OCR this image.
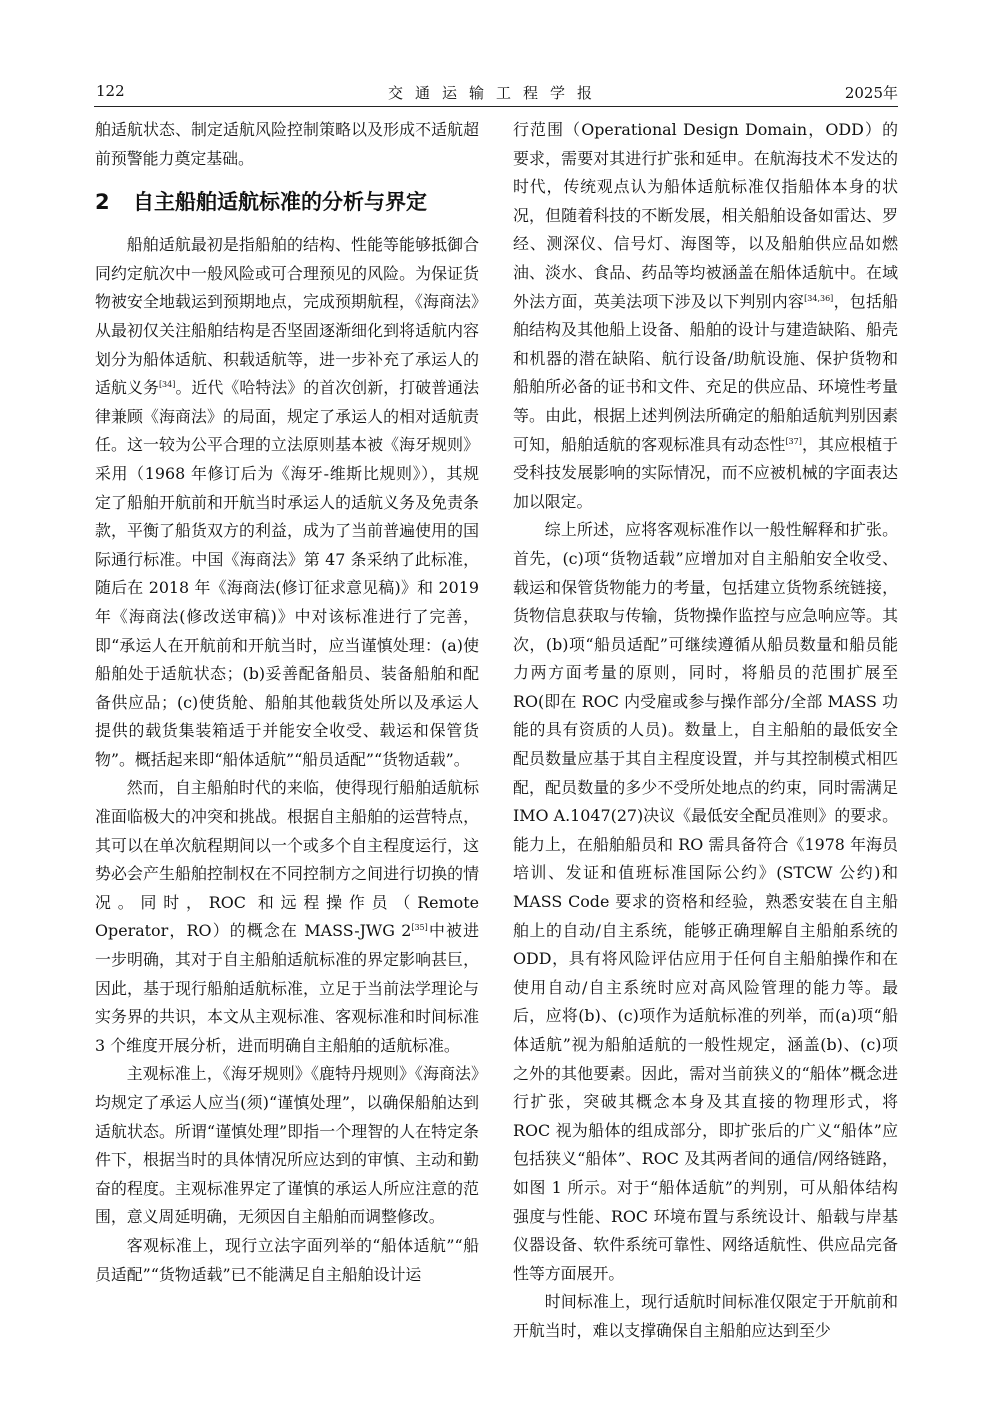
122	交通运输工程学报	2025年

舶适航状态、制定适航风险控制策略以及形成不适航超前预警能力奠定基础。

2 自主船舶适航标准的分析与界定

船舶适航最初是指船舶的结构、性能等能够抵御合同约定航次中一般风险或可合理预见的风险。为保证货物被安全地载运到预期地点，完成预期航程，《海商法》从最初仅关注船舶结构是否坚固逐渐细化到将适航内容划分为船体适航、积载适航等，进一步补充了承运人的适航义务[34]。近代《哈特法》的首次创新，打破普通法律兼顾《海商法》的局面，规定了承运人的相对适航责任。这一较为公平合理的立法原则基本被《海牙规则》采用（1968 年修订后为《海牙-维斯比规则》），其规定了船舶开航前和开航当时承运人的适航义务及免责条款，平衡了船货双方的利益，成为了当前普遍使用的国际通行标准。中国《海商法》第 47 条采纳了此标准，随后在 2018 年《海商法(修订征求意见稿)》和 2019 年《海商法(修改送审稿)》中对该标准进行了完善，即“承运人在开航前和开航当时，应当谨慎处理：(a)使船舶处于适航状态；(b)妥善配备船员、装备船舶和配备供应品；(c)使货舱、船舶其他载货处所以及承运人提供的载货集装箱适于并能安全收受、载运和保管货物”。概括起来即“船体适航”“船员适配”“货物适载”。

然而，自主船舶时代的来临，使得现行船舶适航标准面临极大的冲突和挑战。根据自主船舶的运营特点，其可以在单次航程期间以一个或多个自主程度运行，这势必会产生船舶控制权在不同控制方之间进行切换的情况。同时，ROC 和远程操作员（Remote Operator，RO）的概念在 MASS-JWG 2[35]中被进一步明确，其对于自主船舶适航标准的界定影响甚巨，因此，基于现行船舶适航标准，立足于当前法学理论与实务界的共识，本文从主观标准、客观标准和时间标准 3 个维度开展分析，进而明确自主船舶的适航标准。

主观标准上，《海牙规则》《鹿特丹规则》《海商法》均规定了承运人应当(须)“谨慎处理”，以确保船舶达到适航状态。所谓“谨慎处理”即指一个理智的人在特定条件下，根据当时的具体情况所应达到的审慎、主动和勤奋的程度。主观标准界定了谨慎的承运人所应注意的范围，意义周延明确，无须因自主船舶而调整修改。

客观标准上，现行立法字面列举的“船体适航”“船员适配”“货物适载”已不能满足自主船舶设计运

行范围（Operational Design Domain，ODD）的要求，需要对其进行扩张和延申。在航海技术不发达的时代，传统观点认为船体适航标准仅指船体本身的状况，但随着科技的不断发展，相关船舶设备如雷达、罗经、测深仪、信号灯、海图等，以及船舶供应品如燃油、淡水、食品、药品等均被涵盖在船体适航中。在域外法方面，英美法项下涉及以下判别内容[34,36]，包括船舶结构及其他船上设备、船舶的设计与建造缺陷、船壳和机器的潜在缺陷、航行设备/助航设施、保护货物和船舶所必备的证书和文件、充足的供应品、环境性考量等。由此，根据上述判例法所确定的船舶适航判别因素可知，船舶适航的客观标准具有动态性[37]，其应根植于受科技发展影响的实际情况，而不应被机械的字面表达加以限定。

综上所述，应将客观标准作以一般性解释和扩张。首先，(c)项“货物适载”应增加对自主船舶安全收受、载运和保管货物能力的考量，包括建立货物系统链接，货物信息获取与传输，货物操作监控与应急响应等。其次，(b)项“船员适配”可继续遵循从船员数量和船员能力两方面考量的原则，同时，将船员的范围扩展至 RO(即在 ROC 内受雇或参与操作部分/全部 MASS 功能的具有资质的人员)。数量上，自主船舶的最低安全配员数量应基于其自主程度设置，并与其控制模式相匹配，配员数量的多少不受所处地点的约束，同时需满足 IMO A.1047(27)决议《最低安全配员准则》的要求。能力上，在船舶船员和 RO 需具备符合《1978 年海员培训、发证和值班标准国际公约》(STCW 公约)和 MASS Code 要求的资格和经验，熟悉安装在自主船舶上的自动/自主系统，能够正确理解自主船舶系统的 ODD，具有将风险评估应用于任何自主船舶操作和在使用自动/自主系统时应对高风险管理的能力等。最后，应将(b)、(c)项作为适航标准的列举，而(a)项“船体适航”视为船舶适航的一般性规定，涵盖(b)、(c)项之外的其他要素。因此，需对当前狭义的“船体”概念进行扩张，突破其概念本身及其直接的物理形式，将 ROC 视为船体的组成部分，即扩张后的广义“船体”应包括狭义“船体”、ROC 及其两者间的通信/网络链路，如图 1 所示。对于“船体适航”的判别，可从船体结构强度与性能、ROC 环境布置与系统设计、船载与岸基仪器设备、软件系统可靠性、网络适航性、供应品完备性等方面展开。

时间标准上，现行适航时间标准仅限定于开航前和开航当时，难以支撑确保自主船舶应达到至少
